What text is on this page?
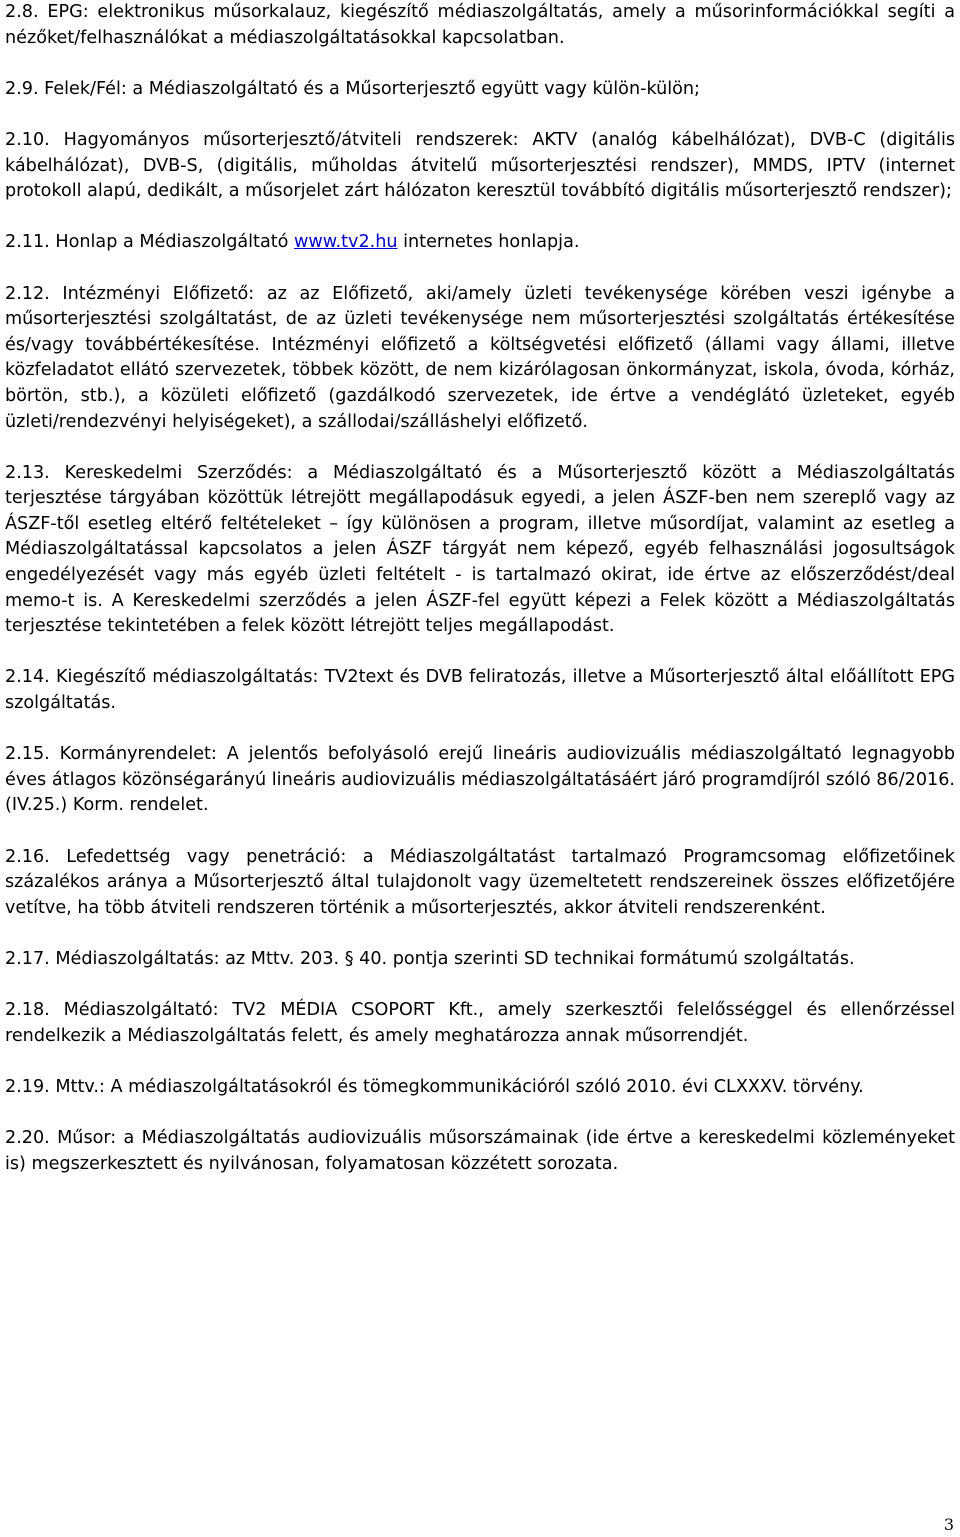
2.8. EPG: elektronikus műsorkalauz, kiegészítő médiaszolgáltatás, amely a műsorinformációkkal segíti a nézőket/felhasználókat a médiaszolgáltatásokkal kapcsolatban.

2.9. Felek/Fél: a Médiaszolgáltató és a Műsorterjesztő együtt vagy külön-külön;

2.10. Hagyományos műsorterjesztő/átviteli rendszerek: AKTV (analóg kábelhálózat), DVB-C (digitális kábelhálózat), DVB-S, (digitális, műholdas átvitelű műsorterjesztési rendszer), MMDS, IPTV (internet protokoll alapú, dedikált, a műsorjelet zárt hálózaton keresztül továbbító digitális műsorterjesztő rendszer);

2.11. Honlap a Médiaszolgáltató www.tv2.hu internetes honlapja.

2.12. Intézményi Előfizető: az az Előfizető, aki/amely üzleti tevékenysége körében veszi igénybe a műsorterjesztési szolgáltatást, de az üzleti tevékenysége nem műsorterjesztési szolgáltatás értékesítése és/vagy továbbértékesítése. Intézményi előfizető a költségvetési előfizető (állami vagy állami, illetve közfeladatot ellátó szervezetek, többek között, de nem kizárólagosan önkormányzat, iskola, óvoda, kórház, börtön, stb.), a közületi előfizető (gazdálkodó szervezetek, ide értve a vendéglátó üzleteket, egyéb üzleti/rendezvényi helyiségeket), a szállodai/szálláshelyi előfizető.

2.13. Kereskedelmi Szerződés: a Médiaszolgáltató és a Műsorterjesztő között a Médiaszolgáltatás terjesztése tárgyában közöttük létrejött megállapodásuk egyedi, a jelen ÁSZF-ben nem szereplő vagy az ÁSZF-től esetleg eltérő feltételeket – így különösen a program, illetve műsordíjat, valamint az esetleg a Médiaszolgáltatással kapcsolatos a jelen ÁSZF tárgyát nem képező, egyéb felhasználási jogosultságok engedélyezését vagy más egyéb üzleti feltételt - is tartalmazó okirat, ide értve az előszerződést/deal memo-t is. A Kereskedelmi szerződés a jelen ÁSZF-fel együtt képezi a Felek között a Médiaszolgáltatás terjesztése tekintetében a felek között létrejött teljes megállapodást.

2.14. Kiegészítő médiaszolgáltatás: TV2text és DVB feliratozás, illetve a Műsorterjesztő által előállított EPG szolgáltatás.

2.15. Kormányrendelet: A jelentős befolyásoló erejű lineáris audiovizuális médiaszolgáltató legnagyobb éves átlagos közönségarányú lineáris audiovizuális médiaszolgáltatásáért járó programdíjról szóló 86/2016. (IV.25.) Korm. rendelet.

2.16. Lefedettség vagy penetráció: a Médiaszolgáltatást tartalmazó Programcsomag előfizetőinek százalékos aránya a Műsorterjesztő által tulajdonolt vagy üzemeltetett rendszereinek összes előfizetőjére vetítve, ha több átviteli rendszeren történik a műsorterjesztés, akkor átviteli rendszerenként.

2.17. Médiaszolgáltatás: az Mttv. 203. § 40. pontja szerinti SD technikai formátumú szolgáltatás.

2.18. Médiaszolgáltató: TV2 MÉDIA CSOPORT Kft., amely szerkesztői felelősséggel és ellenőrzéssel rendelkezik a Médiaszolgáltatás felett, és amely meghatározza annak műsorrendjét.

2.19. Mttv.: A médiaszolgáltatásokról és tömegkommunikációról szóló 2010. évi CLXXXV. törvény.

2.20. Műsor: a Médiaszolgáltatás audiovizuális műsorszámainak (ide értve a kereskedelmi közleményeket is) megszerkesztett és nyilvánosan, folyamatosan közzétett sorozata.

3
